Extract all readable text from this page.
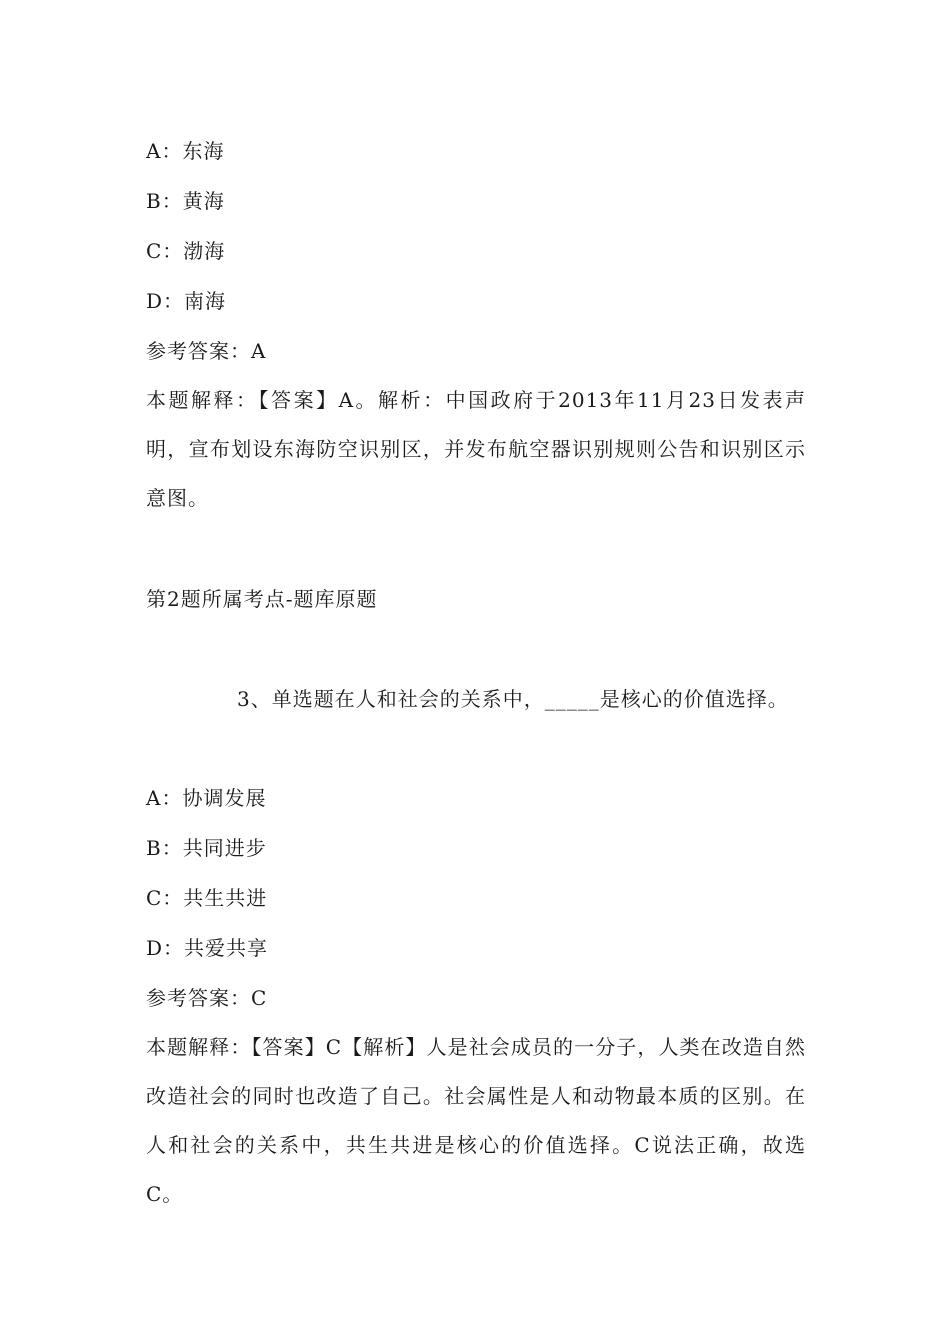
A：东海
B：黄海
C：渤海
D：南海
参考答案：A
本题解释：【答案】A。解析：中国政府于2013年11月23日发表声明，宣布划设东海防空识别区，并发布航空器识别规则公告和识别区示意图。
第2题所属考点-题库原题
3、单选题在人和社会的关系中，_____是核心的价值选择。
A：协调发展
B：共同进步
C：共生共进
D：共爱共享
参考答案：C
本题解释：【答案】C【解析】人是社会成员的一分子，人类在改造自然改造社会的同时也改造了自己。社会属性是人和动物最本质的区别。在人和社会的关系中，共生共进是核心的价值选择。C说法正确，故选C。
